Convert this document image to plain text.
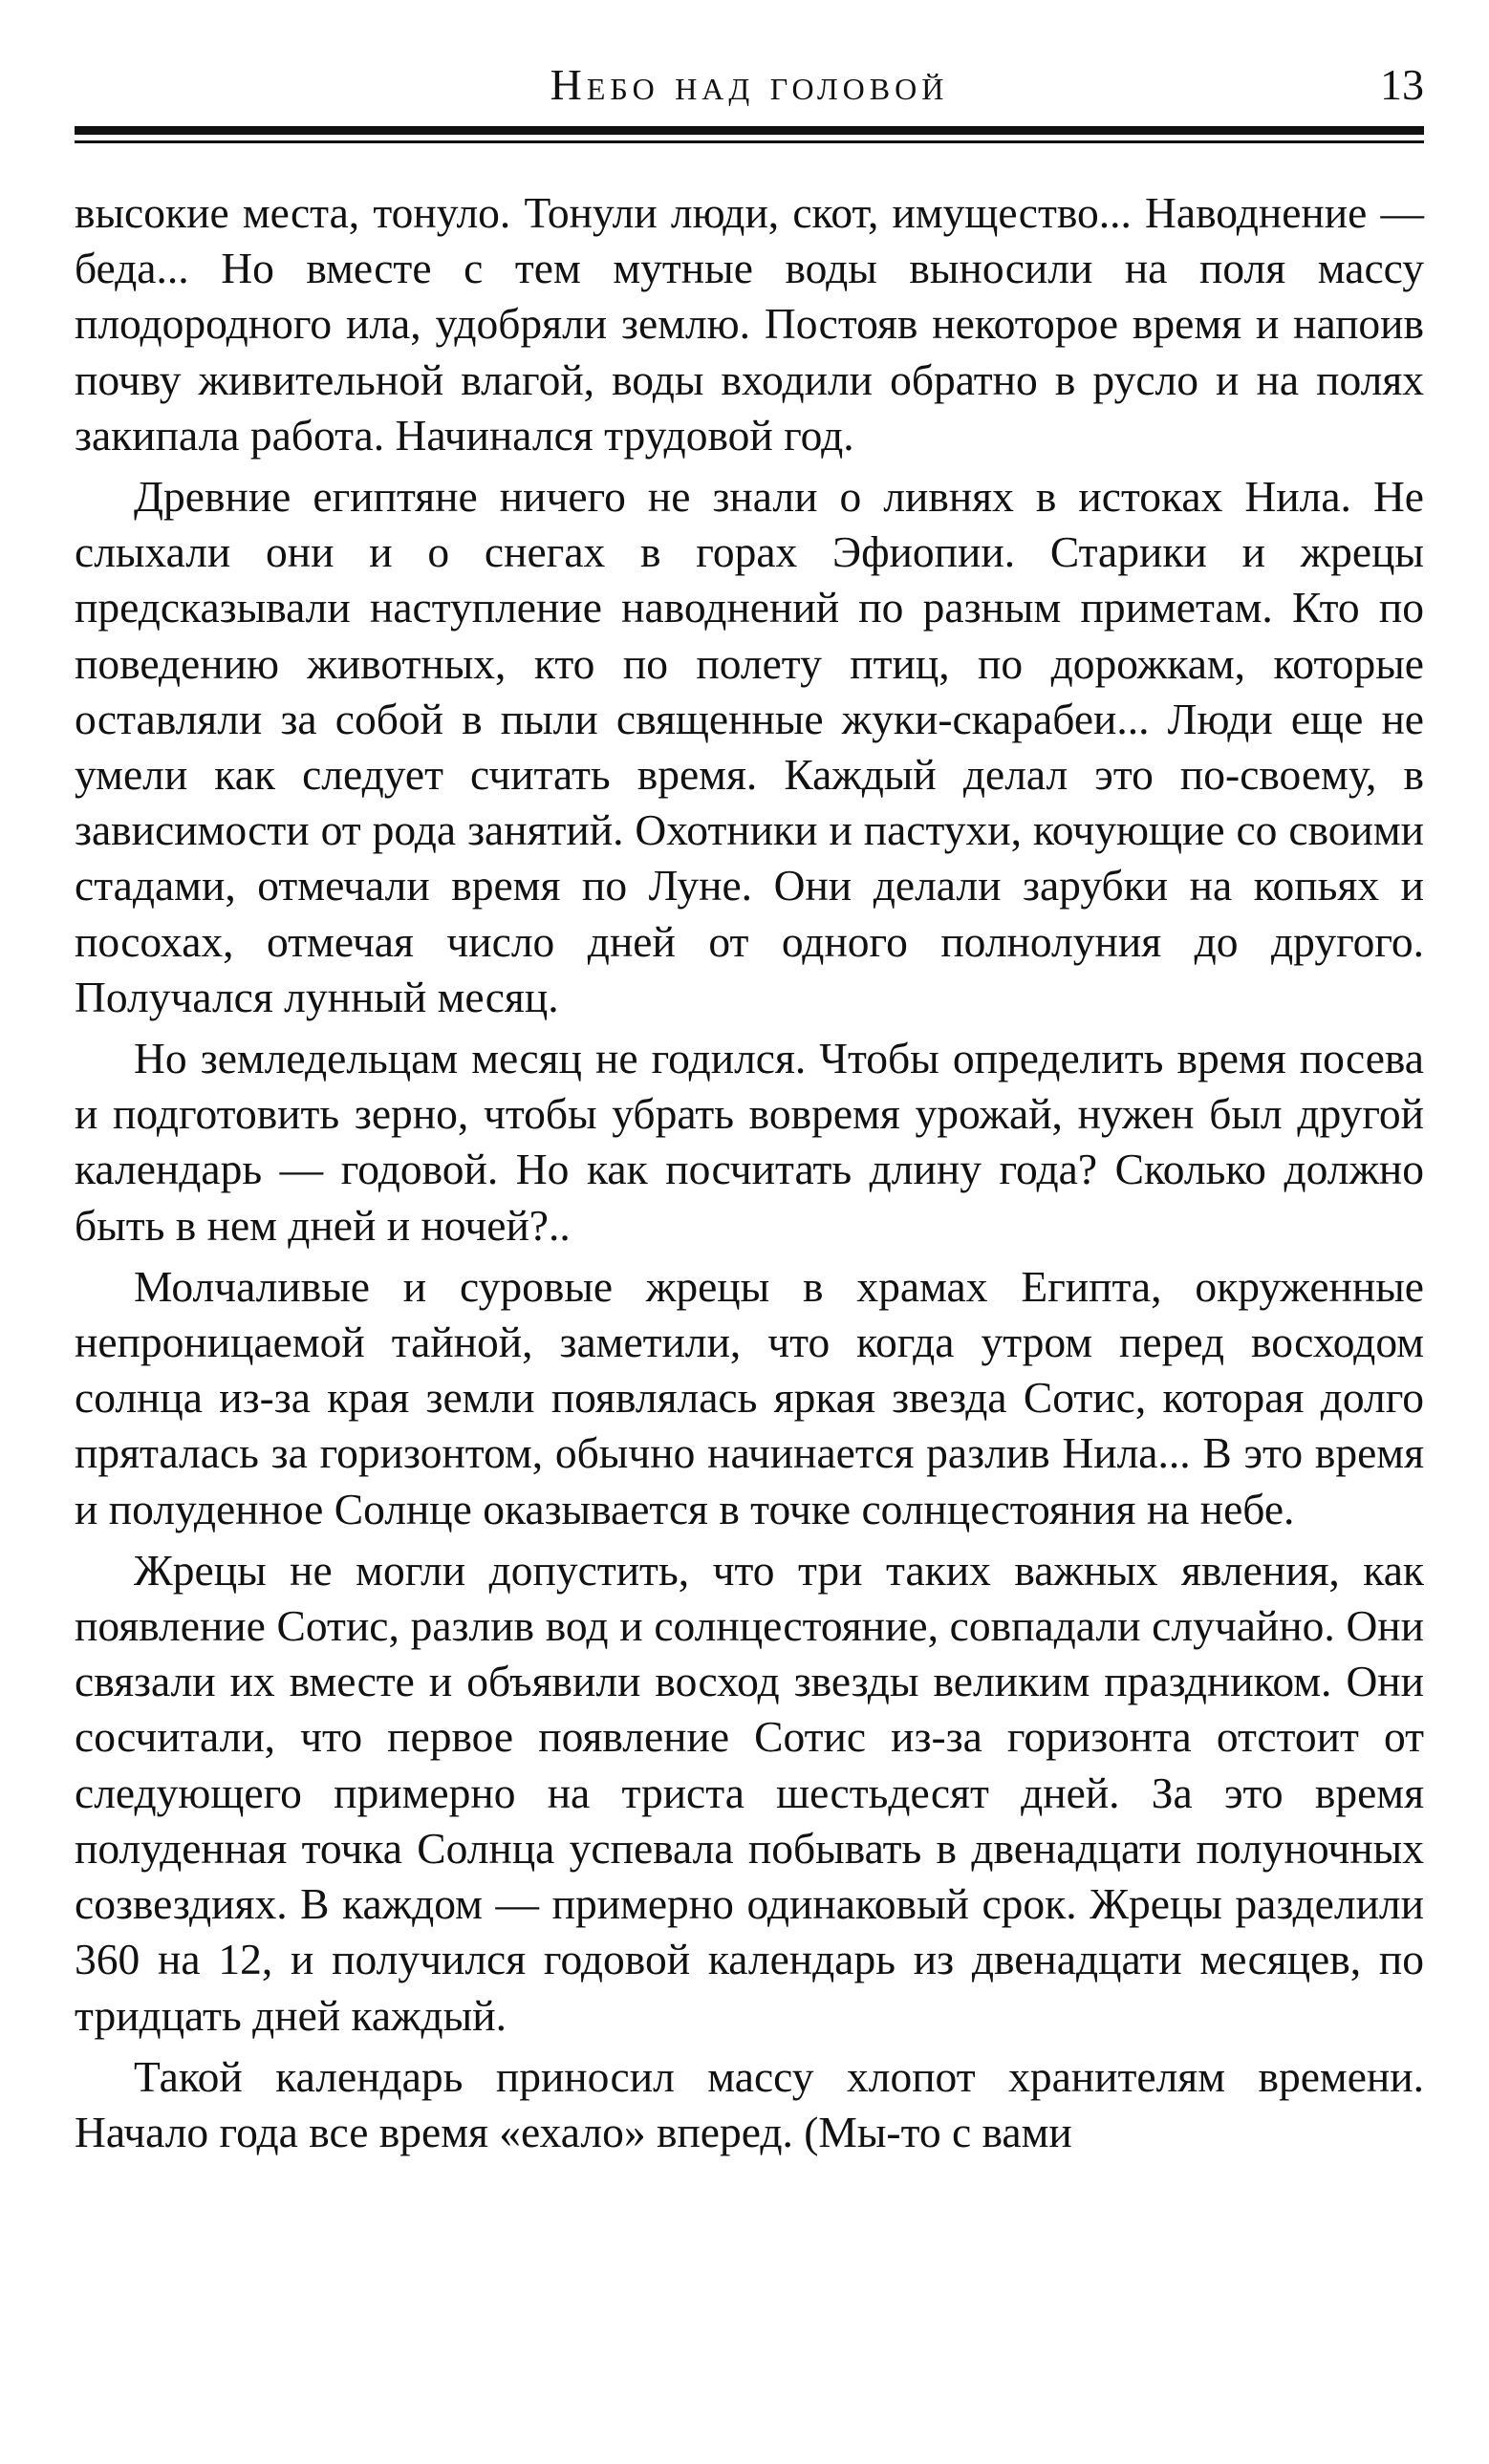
Небо над головой	13

высокие места, тонуло. Тонули люди, скот, имущество... Наводнение — беда... Но вместе с тем мутные воды выносили на поля массу плодородного ила, удобряли землю. Постояв некоторое время и напоив почву живительной влагой, воды входили обратно в русло и на полях закипала работа. Начинался трудовой год.

Древние египтяне ничего не знали о ливнях в истоках Нила. Не слыхали они и о снегах в горах Эфиопии. Старики и жрецы предсказывали наступление наводнений по разным приметам. Кто по поведению животных, кто по полету птиц, по дорожкам, которые оставляли за собой в пыли священные жуки-скарабеи... Люди еще не умели как следует считать время. Каждый делал это по-своему, в зависимости от рода занятий. Охотники и пастухи, кочующие со своими стадами, отмечали время по Луне. Они делали зарубки на копьях и посохах, отмечая число дней от одного полнолуния до другого. Получался лунный месяц.

Но земледельцам месяц не годился. Чтобы определить время посева и подготовить зерно, чтобы убрать вовремя урожай, нужен был другой календарь — годовой. Но как посчитать длину года? Сколько должно быть в нем дней и ночей?..

Молчаливые и суровые жрецы в храмах Египта, окруженные непроницаемой тайной, заметили, что когда утром перед восходом солнца из-за края земли появлялась яркая звезда Сотис, которая долго пряталась за горизонтом, обычно начинается разлив Нила... В это время и полуденное Солнце оказывается в точке солнцестояния на небе.

Жрецы не могли допустить, что три таких важных явления, как появление Сотис, разлив вод и солнцестояние, совпадали случайно. Они связали их вместе и объявили восход звезды великим праздником. Они сосчитали, что первое появление Сотис из-за горизонта отстоит от следующего примерно на триста шестьдесят дней. За это время полуденная точка Солнца успевала побывать в двенадцати полуночных созвездиях. В каждом — примерно одинаковый срок. Жрецы разделили 360 на 12, и получился годовой календарь из двенадцати месяцев, по тридцать дней каждый.

Такой календарь приносил массу хлопот хранителям времени. Начало года все время «ехало» вперед. (Мы-то с вами
